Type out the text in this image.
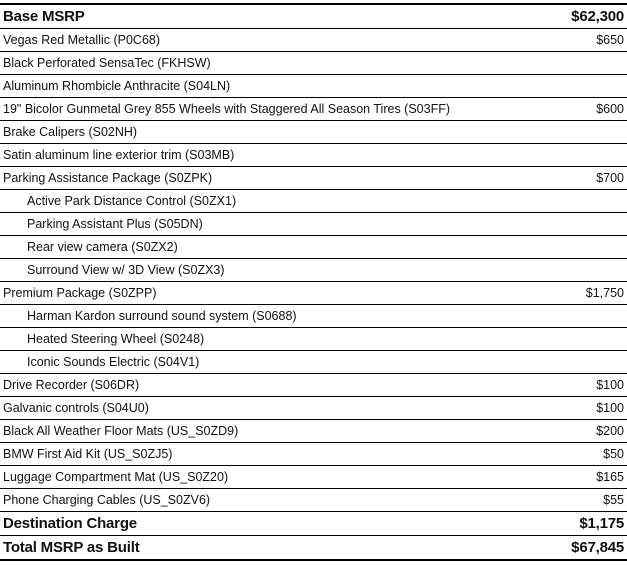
Base MSRP	$62,300
Vegas Red Metallic (P0C68)	$650
Black Perforated SensaTec (FKHSW)	
Aluminum Rhombicle Anthracite (S04LN)	
19" Bicolor Gunmetal Grey 855 Wheels with Staggered All Season Tires (S03FF)	$600
Brake Calipers (S02NH)	
Satin aluminum line exterior trim (S03MB)	
Parking Assistance Package (S0ZPK)	$700
Active Park Distance Control (S0ZX1)	
Parking Assistant Plus (S05DN)	
Rear view camera (S0ZX2)	
Surround View w/ 3D View (S0ZX3)	
Premium Package (S0ZPP)	$1,750
Harman Kardon surround sound system (S0688)	
Heated Steering Wheel (S0248)	
Iconic Sounds Electric (S04V1)	
Drive Recorder (S06DR)	$100
Galvanic controls (S04U0)	$100
Black All Weather Floor Mats (US_S0ZD9)	$200
BMW First Aid Kit (US_S0ZJ5)	$50
Luggage Compartment Mat (US_S0Z20)	$165
Phone Charging Cables (US_S0ZV6)	$55
Destination Charge	$1,175
Total MSRP as Built	$67,845
